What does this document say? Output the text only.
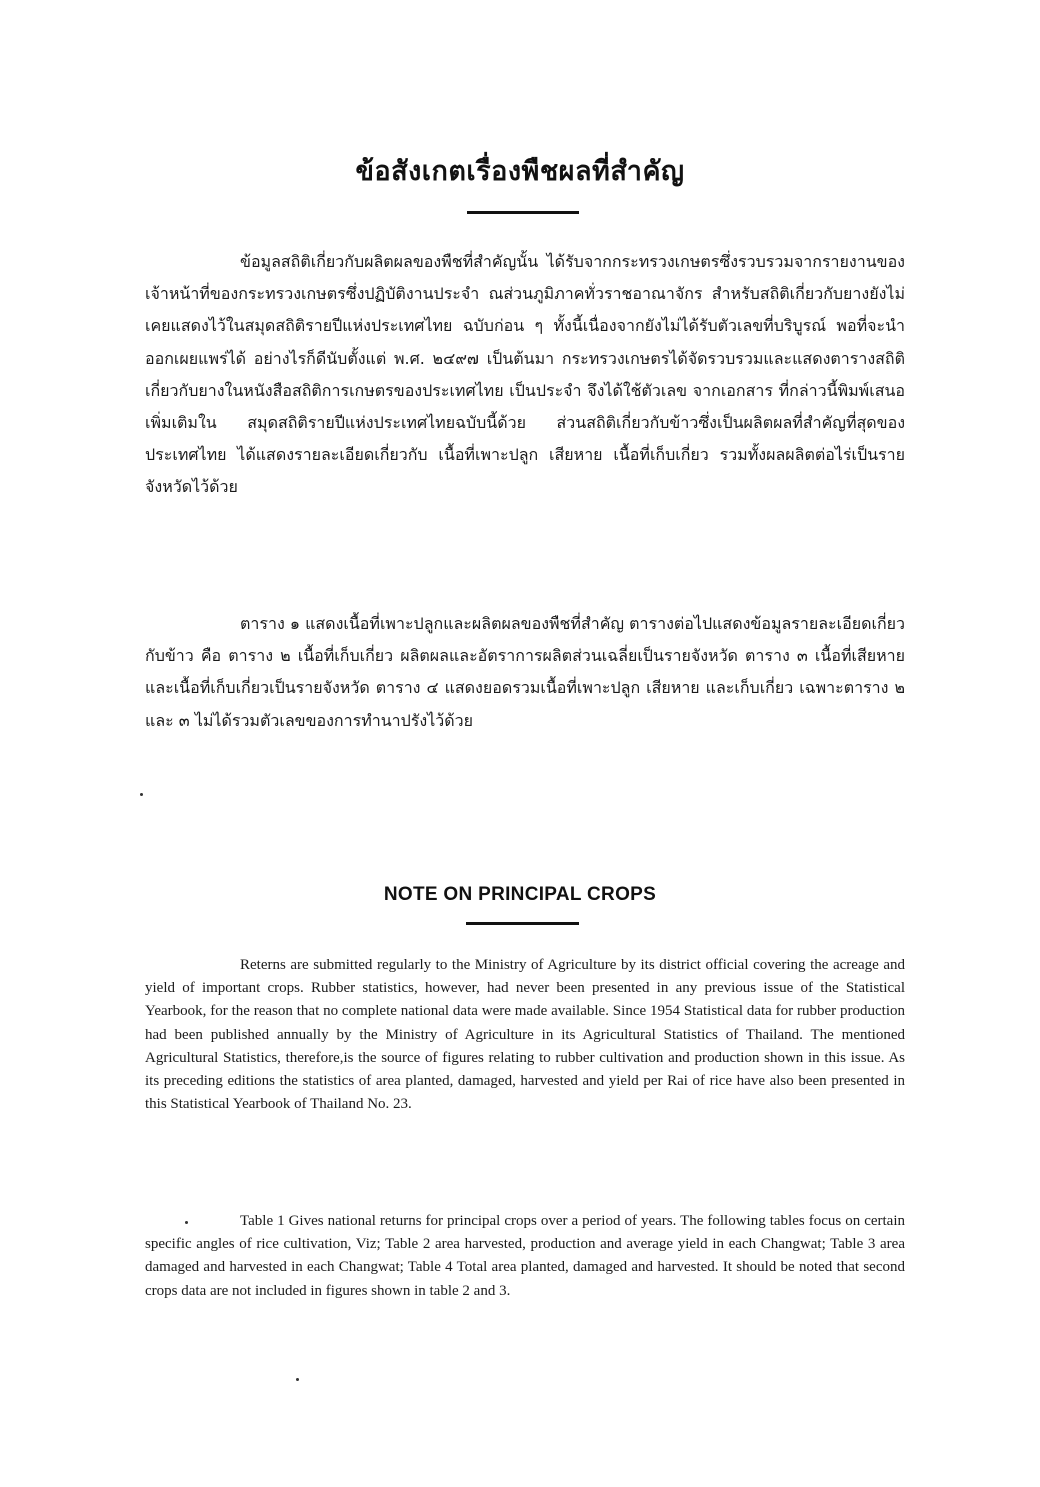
ข้อสังเกตเรื่องพืชผลที่สำคัญ

ข้อมูลสถิติเกี่ยวกับผลิตผลของพืชที่สำคัญนั้น ได้รับจากกระทรวงเกษตรซึ่งรวบรวมจากรายงานของเจ้าหน้าที่ของกระทรวงเกษตรซึ่งปฏิบัติงานประจำ ณส่วนภูมิภาคทั่วราชอาณาจักร สำหรับสถิติเกี่ยวกับยางยังไม่เคยแสดงไว้ในสมุดสถิติรายปีแห่งประเทศไทย ฉบับก่อน ๆ ทั้งนี้เนื่องจากยังไม่ได้รับตัวเลขที่บริบูรณ์ พอที่จะนำออกเผยแพร่ได้ อย่างไรก็ดีนับตั้งแต่ พ.ศ. ๒๔๙๗ เป็นต้นมา กระทรวงเกษตรได้จัดรวบรวมและแสดงตารางสถิติเกี่ยวกับยางในหนังสือสถิติการเกษตรของประเทศไทย เป็นประจำ จึงได้ใช้ตัวเลข จากเอกสาร ที่กล่าวนี้พิมพ์เสนอเพิ่มเติมใน สมุดสถิติรายปีแห่งประเทศไทยฉบับนี้ด้วย ส่วนสถิติเกี่ยวกับข้าวซึ่งเป็นผลิตผลที่สำคัญที่สุดของประเทศไทย ได้แสดงรายละเอียดเกี่ยวกับ เนื้อที่เพาะปลูก เสียหาย เนื้อที่เก็บเกี่ยว รวมทั้งผลผลิตต่อไร่เป็นรายจังหวัดไว้ด้วย

ตาราง ๑ แสดงเนื้อที่เพาะปลูกและผลิตผลของพืชที่สำคัญ ตารางต่อไปแสดงข้อมูลรายละเอียดเกี่ยวกับข้าว คือ ตาราง ๒ เนื้อที่เก็บเกี่ยว ผลิตผลและอัตราการผลิตส่วนเฉลี่ยเป็นรายจังหวัด ตาราง ๓ เนื้อที่เสียหาย และเนื้อที่เก็บเกี่ยวเป็นรายจังหวัด ตาราง ๔ แสดงยอดรวมเนื้อที่เพาะปลูก เสียหาย และเก็บเกี่ยว เฉพาะตาราง ๒ และ ๓ ไม่ได้รวมตัวเลขของการทำนาปรังไว้ด้วย

NOTE ON PRINCIPAL CROPS

Reterns are submitted regularly to the Ministry of Agriculture by its district official covering the acreage and yield of important crops. Rubber statistics, however, had never been presented in any previous issue of the Statistical Yearbook, for the reason that no complete national data were made available. Since 1954 Statistical data for rubber production had been published annually by the Ministry of Agriculture in its Agricultural Statistics of Thailand. The mentioned Agricultural Statistics, therefore,is the source of figures relating to rubber cultivation and production shown in this issue. As its preceding editions the statistics of area planted, damaged, harvested and yield per Rai of rice have also been presented in this Statistical Yearbook of Thailand No. 23.

Table 1 Gives national returns for principal crops over a period of years. The following tables focus on certain specific angles of rice cultivation, Viz; Table 2 area harvested, production and average yield in each Changwat; Table 3 area damaged and harvested in each Changwat; Table 4 Total area planted, damaged and harvested. It should be noted that second crops data are not included in figures shown in table 2 and 3.
